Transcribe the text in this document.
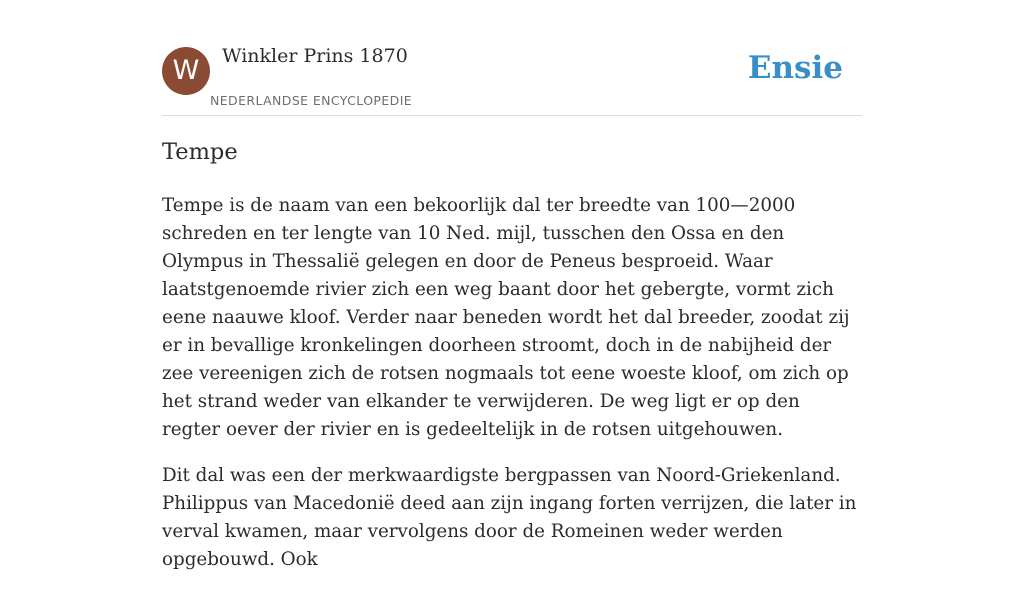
W	Winkler Prins 1870
NEDERLANDSE ENCYCLOPEDIE
Ensie
Tempe

Tempe is de naam van een bekoorlijk dal ter breedte van 100—2000 schreden en ter lengte van 10 Ned. mijl, tusschen den Ossa en den Olympus in Thessalië gelegen en door de Peneus besproeid. Waar laatstgenoemde rivier zich een weg baant door het gebergte, vormt zich eene naauwe kloof. Verder naar beneden wordt het dal breeder, zoodat zij er in bevallige kronkelingen doorheen stroomt, doch in de nabijheid der zee vereenigen zich de rotsen nogmaals tot eene woeste kloof, om zich op het strand weder van elkander te verwijderen. De weg ligt er op den regter oever der rivier en is gedeeltelijk in de rotsen uitgehouwen.

Dit dal was een der merkwaardigste bergpassen van Noord-Griekenland. Philippus van Macedonië deed aan zijn ingang forten verrijzen, die later in verval kwamen, maar vervolgens door de Romeinen weder werden opgebouwd. Ook
